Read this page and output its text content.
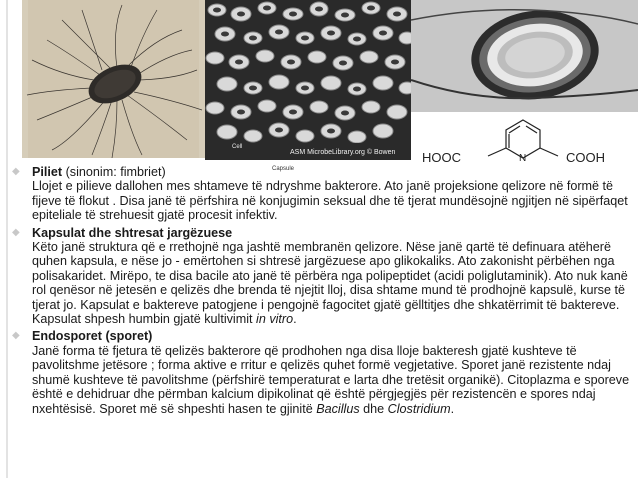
Cell
ASM MicrobeLibrary.org © Bowen
Capsule
HOOC	N	COOH
◆ Piliet (sinonim: fimbriet)
Llojet e pilieve dallohen mes shtameve të ndryshme bakterore. Ato janë projeksione qelizore në formë të fijeve të flokut . Disa janë të përfshira në konjugimin seksual dhe të tjerat mundësojnë ngjitjen në sipërfaqet epiteliale të strehuesit gjatë procesit infektiv.
◆ Kapsulat dhe shtresat jargëzuese
Këto janë struktura që e rrethojnë nga jashtë membranën qelizore. Nëse janë qartë të definuara atëherë quhen kapsula, e nëse jo - emërtohen si shtresë jargëzuese apo glikokaliks. Ato zakonisht përbëhen nga polisakaridet. Mirëpo, te disa bacile ato janë të përbëra nga polipeptidet (acidi poliglutaminik). Ato nuk kanë rol qenësor në jetesën e qelizës dhe brenda të njejtit lloj, disa shtame mund të prodhojnë kapsulë, kurse të tjerat jo. Kapsulat e baktereve patogjene i pengojnë fagocitet gjatë gëlltitjes dhe shkatërrimit të baktereve. Kapsulat shpesh humbin gjatë kultivimit in vitro.
◆ Endosporet (sporet)
Janë forma të fjetura të qelizës bakterore që prodhohen nga disa lloje bakteresh gjatë kushteve të pavolitshme jetësore ; forma aktive e rritur e qelizës quhet formë vegjetative. Sporet janë rezistente ndaj shumë kushteve të pavolitshme (përfshirë temperaturat e larta dhe tretësit organikë). Citoplazma e sporeve është e dehidruar dhe përmban kalcium dipikolinat që është përgjegjës për rezistencën e spores ndaj nxehtësisë. Sporet më së shpeshti hasen te gjinitë Bacillus dhe Clostridium.
